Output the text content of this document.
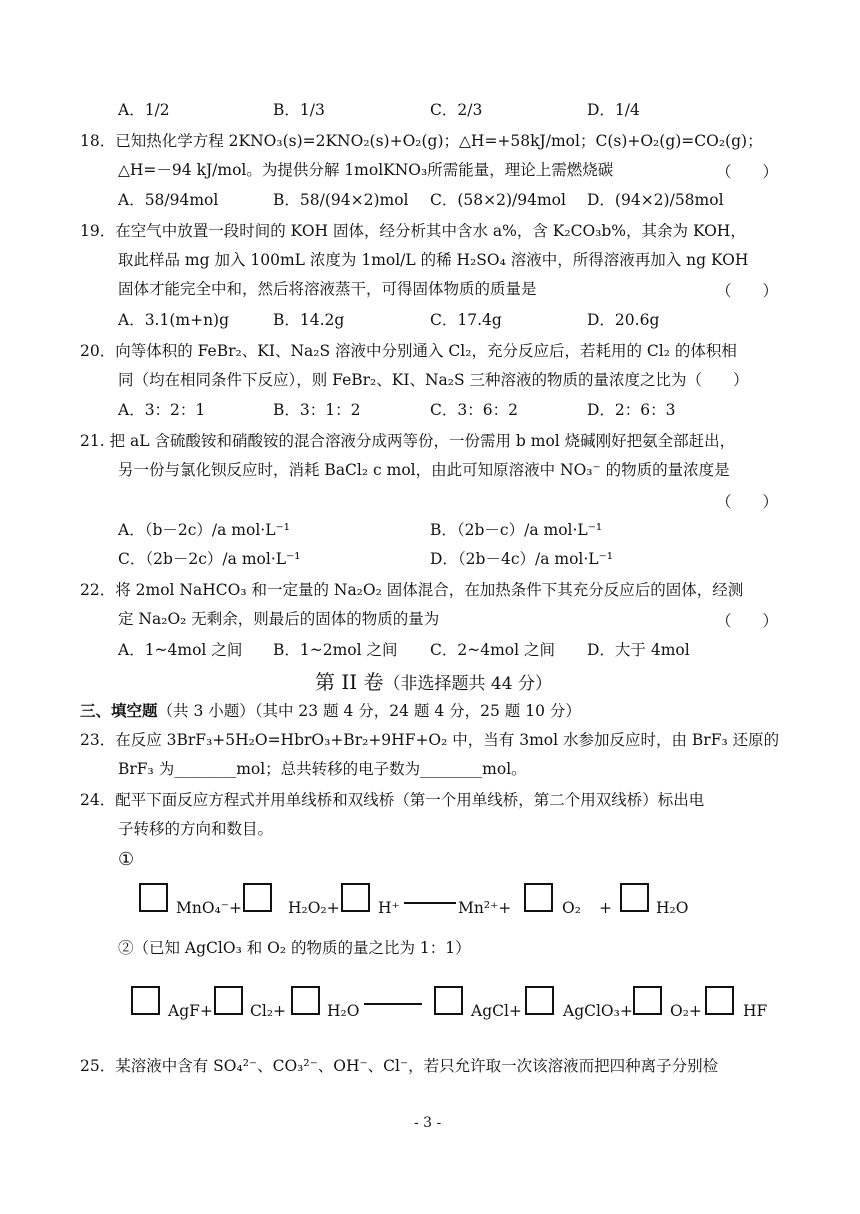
A．1/2	B．1/3	C．2/3	D．1/4
18．已知热化学方程 2KNO₃(s)=2KNO₂(s)+O₂(g)；△H=+58kJ/mol；C(s)+O₂(g)=CO₂(g)；
△H=－94 kJ/mol。为提供分解 1molKNO₃所需能量，理论上需燃烧碳	（　　）
A．58/94mol	B．58/(94×2)mol C．(58×2)/94mol D．(94×2)/58mol
19．在空气中放置一段时间的 KOH 固体，经分析其中含水 a%，含 K₂CO₃b%，其余为 KOH，
取此样品 mg 加入 100mL 浓度为 1mol/L 的稀 H₂SO₄ 溶液中，所得溶液再加入 ng KOH
固体才能完全中和，然后将溶液蒸干，可得固体物质的质量是	（　　）
A．3.1(m+n)g	B．14.2g	C．17.4g	D．20.6g
20．向等体积的 FeBr₂、KI、Na₂S 溶液中分别通入 Cl₂，充分反应后，若耗用的 Cl₂ 的体积相
同（均在相同条件下反应），则 FeBr₂、KI、Na₂S 三种溶液的物质的量浓度之比为（　　）
A．3：2：1	B．3：1：2	C．3：6：2	D．2：6：3
21. 把 aL 含硫酸铵和硝酸铵的混合溶液分成两等份，一份需用 b mol 烧碱刚好把氨全部赶出，
另一份与氯化钡反应时，消耗 BaCl₂ c mol，由此可知原溶液中 NO₃⁻ 的物质的量浓度是
（　　）
A．（b－2c）/a mol·L⁻¹	B．（2b－c）/a mol·L⁻¹
C．（2b－2c）/a mol·L⁻¹	D．（2b－4c）/a mol·L⁻¹
22．将 2mol NaHCO₃ 和一定量的 Na₂O₂ 固体混合，在加热条件下其充分反应后的固体，经测
定 Na₂O₂ 无剩余，则最后的固体的物质的量为	（　　）
A．1~4mol 之间 B．1~2mol 之间 C．2~4mol 之间 D．大于 4mol
第 II 卷（非选择题共 44 分）
三、填空题（共 3 小题）（其中 23 题 4 分，24 题 4 分，25 题 10 分）
23．在反应 3BrF₃+5H₂O=HbrO₃+Br₂+9HF+O₂ 中，当有 3mol 水参加反应时，由 BrF₃ 还原的
BrF₃ 为________mol；总共转移的电子数为________mol。
24．配平下面反应方程式并用单线桥和双线桥（第一个用单线桥，第二个用双线桥）标出电
子转移的方向和数目。
①
MnO₄⁻+	H₂O₂+ H⁺	Mn²⁺+	O₂ +	H₂O
②（已知 AgClO₃ 和 O₂ 的物质的量之比为 1：1）
AgF+ Cl₂+	H₂O	AgCl+	AgClO₃+ O₂+	HF
25．某溶液中含有 SO₄²⁻、CO₃²⁻、OH⁻、Cl⁻，若只允许取一次该溶液而把四种离子分别检
- 3 -
